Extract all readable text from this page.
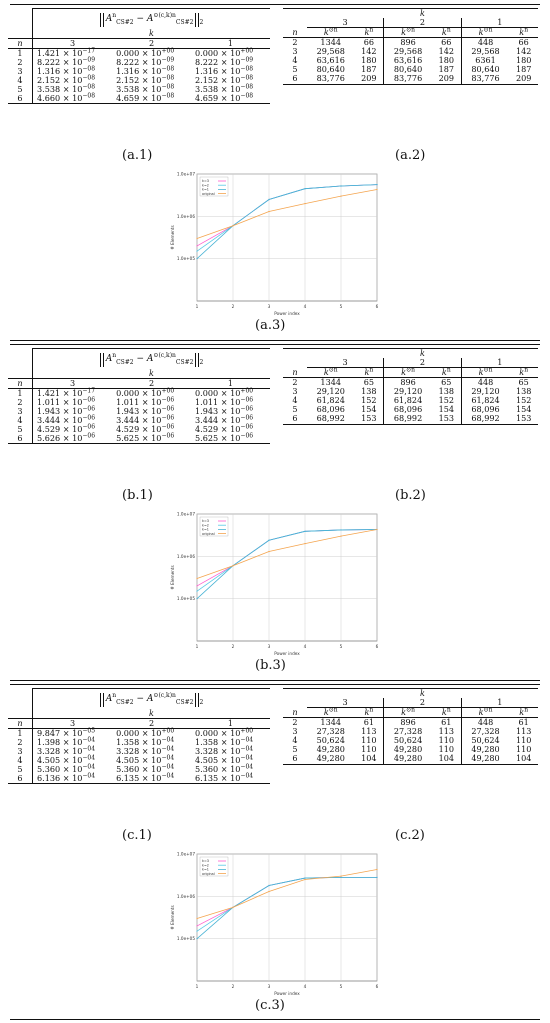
	$A^n_{CS\#2} - A^{⊙(c,k)n}_{CS\#2}$ $_2$
	k		
n	3	2	1
1	$1.421 \times 10^{-17}$	$0.000 \times 10^{+00}$	$0.000 \times 10^{+00}$
2	$8.222 \times 10^{-09}$	$8.222 \times 10^{-09}$	$8.222 \times 10^{-09}$
3	$1.316 \times 10^{-08}$	$1.316 \times 10^{-08}$	$1.316 \times 10^{-08}$
4	$2.152 \times 10^{-08}$	$2.152 \times 10^{-08}$	$2.152 \times 10^{-08}$
5	$3.538 \times 10^{-08}$	$3.538 \times 10^{-08}$	$3.538 \times 10^{-08}$
6	$4.660 \times 10^{-08}$	$4.659 \times 10^{-08}$	$4.659 \times 10^{-08}$
	k					
	3		2		1	
n	$k^{⊙n}$	$k^n$	$k^{⊙n}$	$k^n$	$k^{⊙n}$	$k^n$
2	1344	66	896	66	448	66
3	29,568	142	29,568	142	29,568	142
4	63,616	180	63,616	180	6361	180
5	80,640	187	80,640	187	80,640	187
6	83,776	209	83,776	209	83,776	209
(a.1)	(a.2)
1	2	3	4	5	6
1.0e+05
1.0e+06
1.0e+07
Power index
# Elements
k=3
k=2
k=1
original
(a.3)
	$A^n_{CS\#2} - A^{⊙(c,k)n}_{CS\#2}$ $_2$
	k		
n	3	2	1
1	$1.421 \times 10^{-17}$	$0.000 \times 10^{+00}$	$0.000 \times 10^{+00}$
2	$1.011 \times 10^{-06}$	$1.011 \times 10^{-06}$	$1.011 \times 10^{-06}$
3	$1.943 \times 10^{-06}$	$1.943 \times 10^{-06}$	$1.943 \times 10^{-06}$
4	$3.444 \times 10^{-06}$	$3.444 \times 10^{-06}$	$3.444 \times 10^{-06}$
5	$4.529 \times 10^{-06}$	$4.529 \times 10^{-06}$	$4.529 \times 10^{-06}$
6	$5.626 \times 10^{-06}$	$5.625 \times 10^{-06}$	$5.625 \times 10^{-06}$
	k					
	3		2		1	
n	$k^{⊙n}$	$k^n$	$k^{⊙n}$	$k^n$	$k^{⊙n}$	$k^n$
2	1344	65	896	65	448	65
3	29,120	138	29,120	138	29,120	138
4	61,824	152	61,824	152	61,824	152
5	68,096	154	68,096	154	68,096	154
6	68,992	153	68,992	153	68,992	153
(b.1)	(b.2)
1	2	3	4	5	6
1.0e+05
1.0e+06
1.0e+07
Power index
# Elements
k=3
k=2
k=1
original
(b.3)
	$A^n_{CS\#2} - A^{⊙(c,k)n}_{CS\#2}$ $_2$
	k		
n	3	2	1
1	$9.847 \times 10^{-05}$	$0.000 \times 10^{+00}$	$0.000 \times 10^{+00}$
2	$1.398 \times 10^{-04}$	$1.358 \times 10^{-04}$	$1.358 \times 10^{-04}$
3	$3.328 \times 10^{-04}$	$3.328 \times 10^{-04}$	$3.328 \times 10^{-04}$
4	$4.505 \times 10^{-04}$	$4.505 \times 10^{-04}$	$4.505 \times 10^{-04}$
5	$5.360 \times 10^{-04}$	$5.360 \times 10^{-04}$	$5.360 \times 10^{-04}$
6	$6.136 \times 10^{-04}$	$6.135 \times 10^{-04}$	$6.135 \times 10^{-04}$
	k					
	3		2		1	
n	$k^{⊙n}$	$k^n$	$k^{⊙n}$	$k^n$	$k^{⊙n}$	$k^n$
2	1344	61	896	61	448	61
3	27,328	113	27,328	113	27,328	113
4	50,624	110	50,624	110	50,624	110
5	49,280	110	49,280	110	49,280	110
6	49,280	104	49,280	104	49,280	104
(c.1)	(c.2)
1	2	3	4	5	6
1.0e+05
1.0e+06
1.0e+07
Power index
# Elements
k=3
k=2
k=1
original
(c.3)
